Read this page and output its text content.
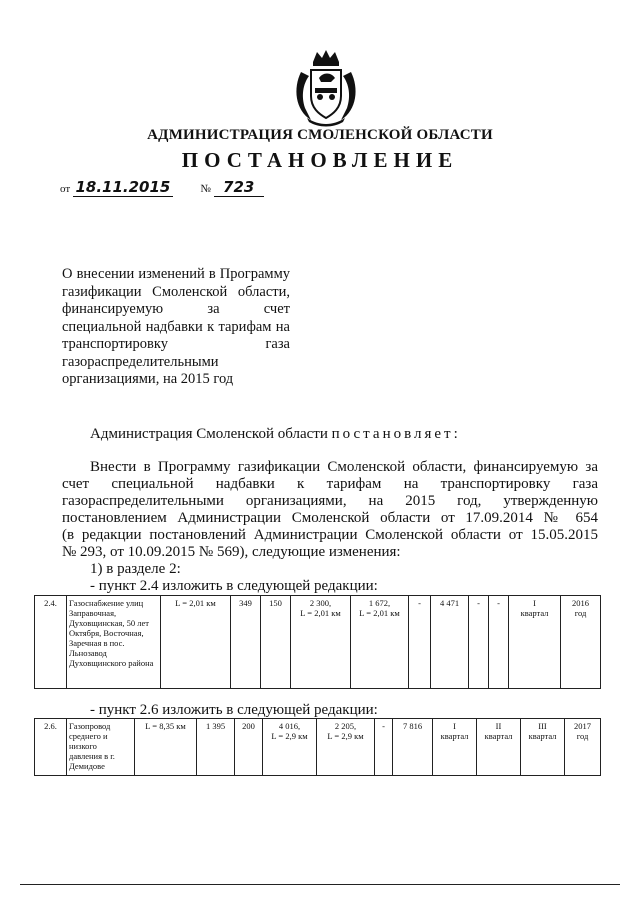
АДМИНИСТРАЦИЯ СМОЛЕНСКОЙ ОБЛАСТИ
ПОСТАНОВЛЕНИЕ
от 18.11.2015	№ 723
О внесении изменений в Программу
газификации Смоленской области,
финансируемую за счет
специальной надбавки к тарифам на
транспортировку газа
газораспределительными
организациями, на 2015 год
Администрация Смоленской области постановляет:
Внести в Программу газификации Смоленской области, финансируемую за
счет специальной надбавки к тарифам на транспортировку газа
газораспределительными организациями, на 2015 год, утвержденную
постановлением Администрации Смоленской области от 17.09.2014 № 654
(в редакции постановлений Администрации Смоленской области от 15.05.2015
№ 293, от 10.09.2015 № 569), следующие изменения:
1) в разделе 2:
- пункт 2.4 изложить в следующей редакции:
2.4.	Газоснабжение улиц Заправочная, Духовщинская, 50 лет Октября, Восточная, Заречная в пос. Льнозавод Духовщинского района	L = 2,01 км	349	150	2 300,
L = 2,01 км	1 672,
L = 2,01 км	-	4 471	-	-	I
квартал	2016
год
- пункт 2.6 изложить в следующей редакции:
2.6.	Газопровод среднего и низкого давления в г. Демидове	L = 8,35 км	1 395	200	4 016,
L = 2,9 км	2 205,
L = 2,9 км	-	7 816	I
квартал	II
квартал	III
квартал	2017
год
